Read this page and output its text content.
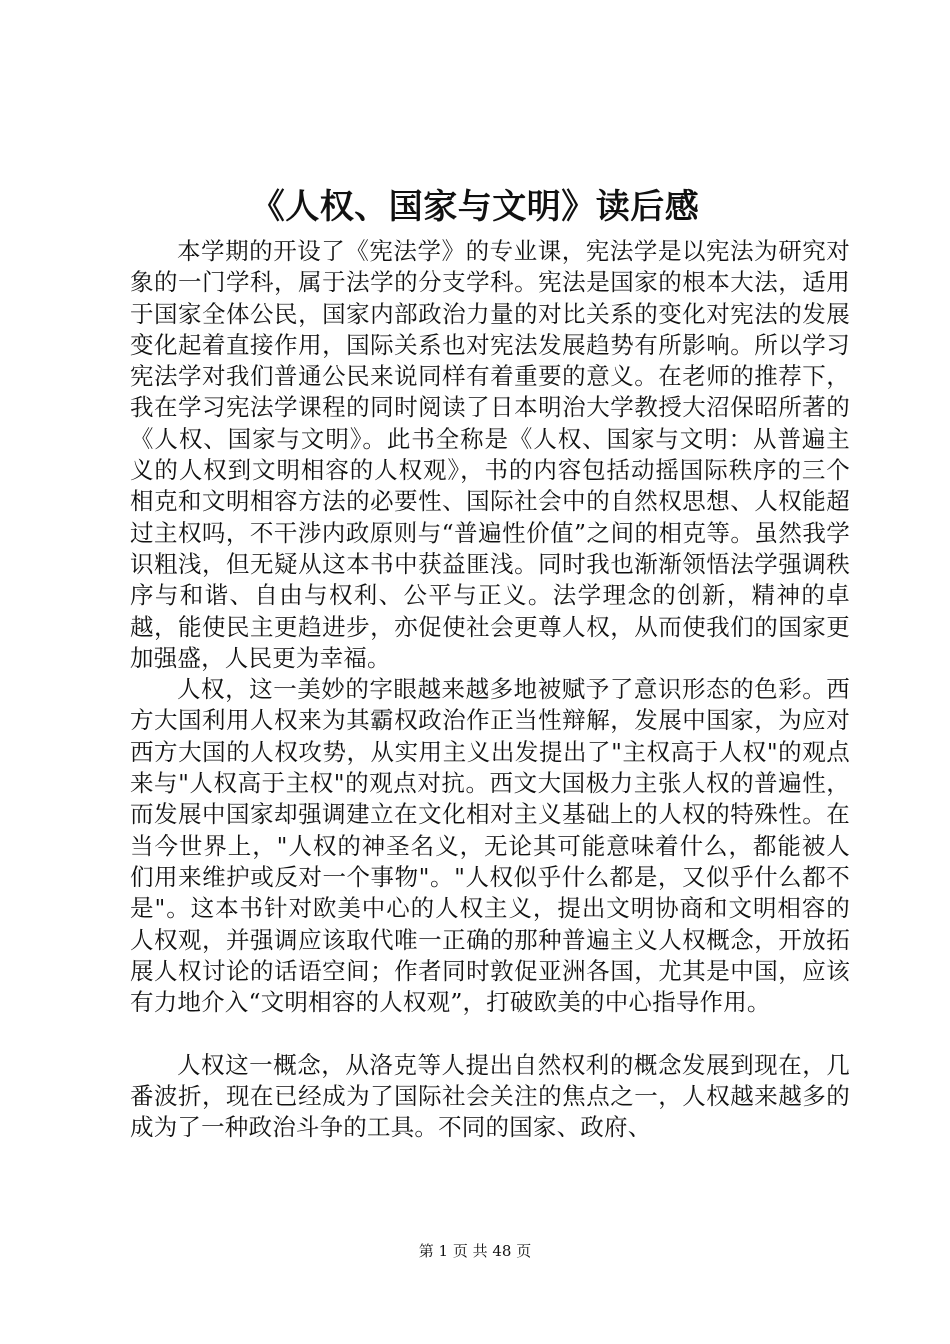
《人权、国家与文明》读后感

本学期的开设了《宪法学》的专业课，宪法学是以宪法为研究对象的一门学科，属于法学的分支学科。宪法是国家的根本大法，适用于国家全体公民，国家内部政治力量的对比关系的变化对宪法的发展变化起着直接作用，国际关系也对宪法发展趋势有所影响。所以学习宪法学对我们普通公民来说同样有着重要的意义。在老师的推荐下，我在学习宪法学课程的同时阅读了日本明治大学教授大沼保昭所著的《人权、国家与文明》。此书全称是《人权、国家与文明：从普遍主义的人权到文明相容的人权观》，书的内容包括动摇国际秩序的三个相克和文明相容方法的必要性、国际社会中的自然权思想、人权能超过主权吗，不干涉内政原则与“普遍性价值”之间的相克等。虽然我学识粗浅，但无疑从这本书中获益匪浅。同时我也渐渐领悟法学强调秩序与和谐、自由与权利、公平与正义。法学理念的创新，精神的卓越，能使民主更趋进步，亦促使社会更尊人权，从而使我们的国家更加强盛，人民更为幸福。

人权，这一美妙的字眼越来越多地被赋予了意识形态的色彩。西方大国利用人权来为其霸权政治作正当性辩解，发展中国家，为应对西方大国的人权攻势，从实用主义出发提出了"主权高于人权"的观点来与"人权高于主权"的观点对抗。西文大国极力主张人权的普遍性，而发展中国家却强调建立在文化相对主义基础上的人权的特殊性。在当今世界上，"人权的神圣名义，无论其可能意味着什么，都能被人们用来维护或反对一个事物"。"人权似乎什么都是，又似乎什么都不是"。这本书针对欧美中心的人权主义，提出文明协商和文明相容的人权观，并强调应该取代唯一正确的那种普遍主义人权概念，开放拓展人权讨论的话语空间；作者同时敦促亚洲各国，尤其是中国，应该有力地介入“文明相容的人权观”，打破欧美的中心指导作用。

人权这一概念，从洛克等人提出自然权利的概念发展到现在，几番波折，现在已经成为了国际社会关注的焦点之一，人权越来越多的成为了一种政治斗争的工具。不同的国家、政府、

第 1 页 共 48 页
